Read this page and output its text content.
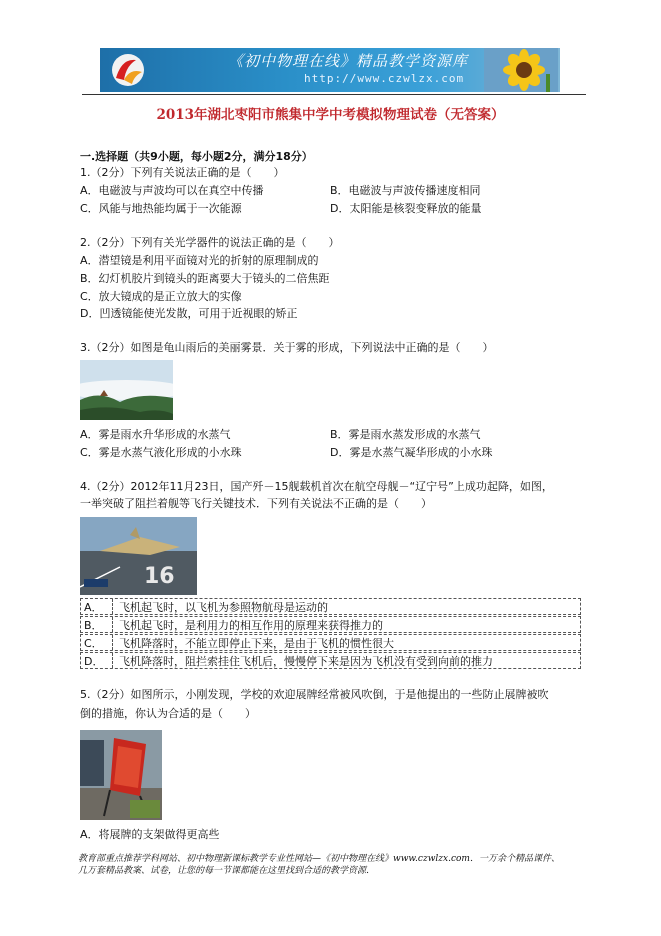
《初中物理在线》精品教学资源库
http://www.czwlzx.com
2013年湖北枣阳市熊集中学中考模拟物理试卷（无答案）
一.选择题（共9小题，每小题2分，满分18分）
1.（2分）下列有关说法正确的是（　　）
A．电磁波与声波均可以在真空中传播	B．电磁波与声波传播速度相同
C．风能与地热能均属于一次能源	D．太阳能是核裂变释放的能量
2.（2分）下列有关光学器件的说法正确的是（　　）
A．潜望镜是利用平面镜对光的折射的原理制成的
B．幻灯机胶片到镜头的距离要大于镜头的二倍焦距
C．放大镜成的是正立放大的实像
D．凹透镜能使光发散，可用于近视眼的矫正
3.（2分）如图是龟山雨后的美丽雾景．关于雾的形成，下列说法中正确的是（　　）
A．雾是雨水升华形成的水蒸气	B．雾是雨水蒸发形成的水蒸气
C．雾是水蒸气液化形成的小水珠	D．雾是水蒸气凝华形成的小水珠
4.（2分）2012年11月23日，国产歼－15舰载机首次在航空母舰－“辽宁号”上成功起降，如图，
一举突破了阻拦着舰等飞行关键技术．下列有关说法不正确的是（　　）
16
A．	飞机起飞时，以飞机为参照物航母是运动的
B．	飞机起飞时，是利用力的相互作用的原理来获得推力的
C．	飞机降落时，不能立即停止下来，是由于飞机的惯性很大
D．	飞机降落时，阻拦索挂住飞机后，慢慢停下来是因为飞机没有受到向前的推力
5.（2分）如图所示，小刚发现，学校的欢迎展牌经常被风吹倒，于是他提出的一些防止展牌被吹
倒的措施，你认为合适的是（　　）
A．将展牌的支架做得更高些
教育部重点推荐学科网站、初中物理新课标教学专业性网站—《初中物理在线》www.czwlzx.com．一万余个精品课件、
几万套精品教案、试卷，让您的每一节课都能在这里找到合适的教学资源．
